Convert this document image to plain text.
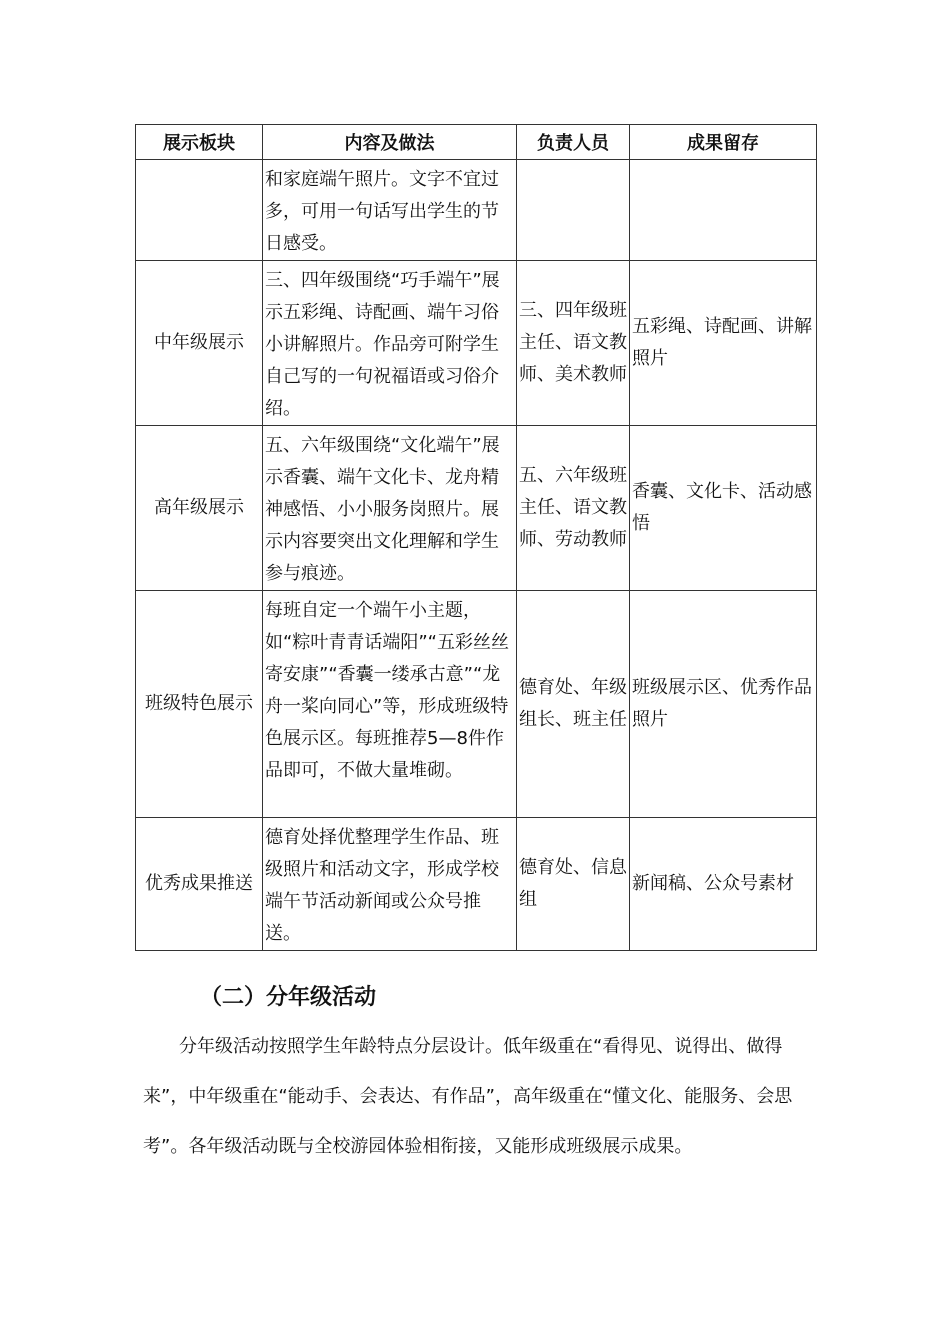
展示板块	内容及做法	负责人员	成果留存
	和家庭端午照片。文字不宜过多，可用一句话写出学生的节日感受。		
中年级展示	三、四年级围绕“巧手端午”展示五彩绳、诗配画、端午习俗小讲解照片。作品旁可附学生自己写的一句祝福语或习俗介绍。	三、四年级班主任、语文教师、美术教师	五彩绳、诗配画、讲解照片
高年级展示	五、六年级围绕“文化端午”展示香囊、端午文化卡、龙舟精神感悟、小小服务岗照片。展示内容要突出文化理解和学生参与痕迹。	五、六年级班主任、语文教师、劳动教师	香囊、文化卡、活动感悟
班级特色展示	每班自定一个端午小主题，如“粽叶青青话端阳”“五彩丝丝寄安康”“香囊一缕承古意”“龙舟一桨向同心”等，形成班级特色展示区。每班推荐5—8件作品即可，不做大量堆砌。	德育处、年级组长、班主任	班级展示区、优秀作品照片
优秀成果推送	德育处择优整理学生作品、班级照片和活动文字，形成学校端午节活动新闻或公众号推送。	德育处、信息组	新闻稿、公众号素材
（二）分年级活动

分年级活动按照学生年龄特点分层设计。低年级重在“看得见、说得出、做得来”，中年级重在“能动手、会表达、有作品”，高年级重在“懂文化、能服务、会思考”。各年级活动既与全校游园体验相衔接，又能形成班级展示成果。
